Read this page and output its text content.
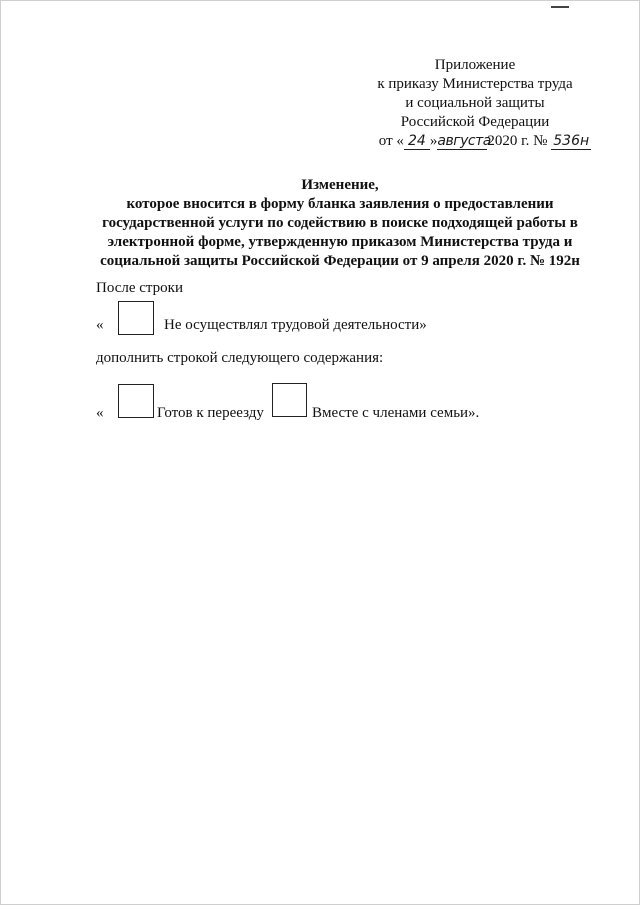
Приложение
к приказу Министерства труда
и социальной защиты
Российской Федерации
от « 24 »августа2020 г. № 536н
Изменение,
которое вносится в форму бланка заявления о предоставлении
государственной услуги по содействию в поиске подходящей работы в
электронной форме, утвержденную приказом Министерства труда и
социальной защиты Российской Федерации от 9 апреля 2020 г. № 192н
После строки
«	Не осуществлял трудовой деятельности»
дополнить строкой следующего содержания:
«	Готов к переезду	Вместе с членами семьи».
